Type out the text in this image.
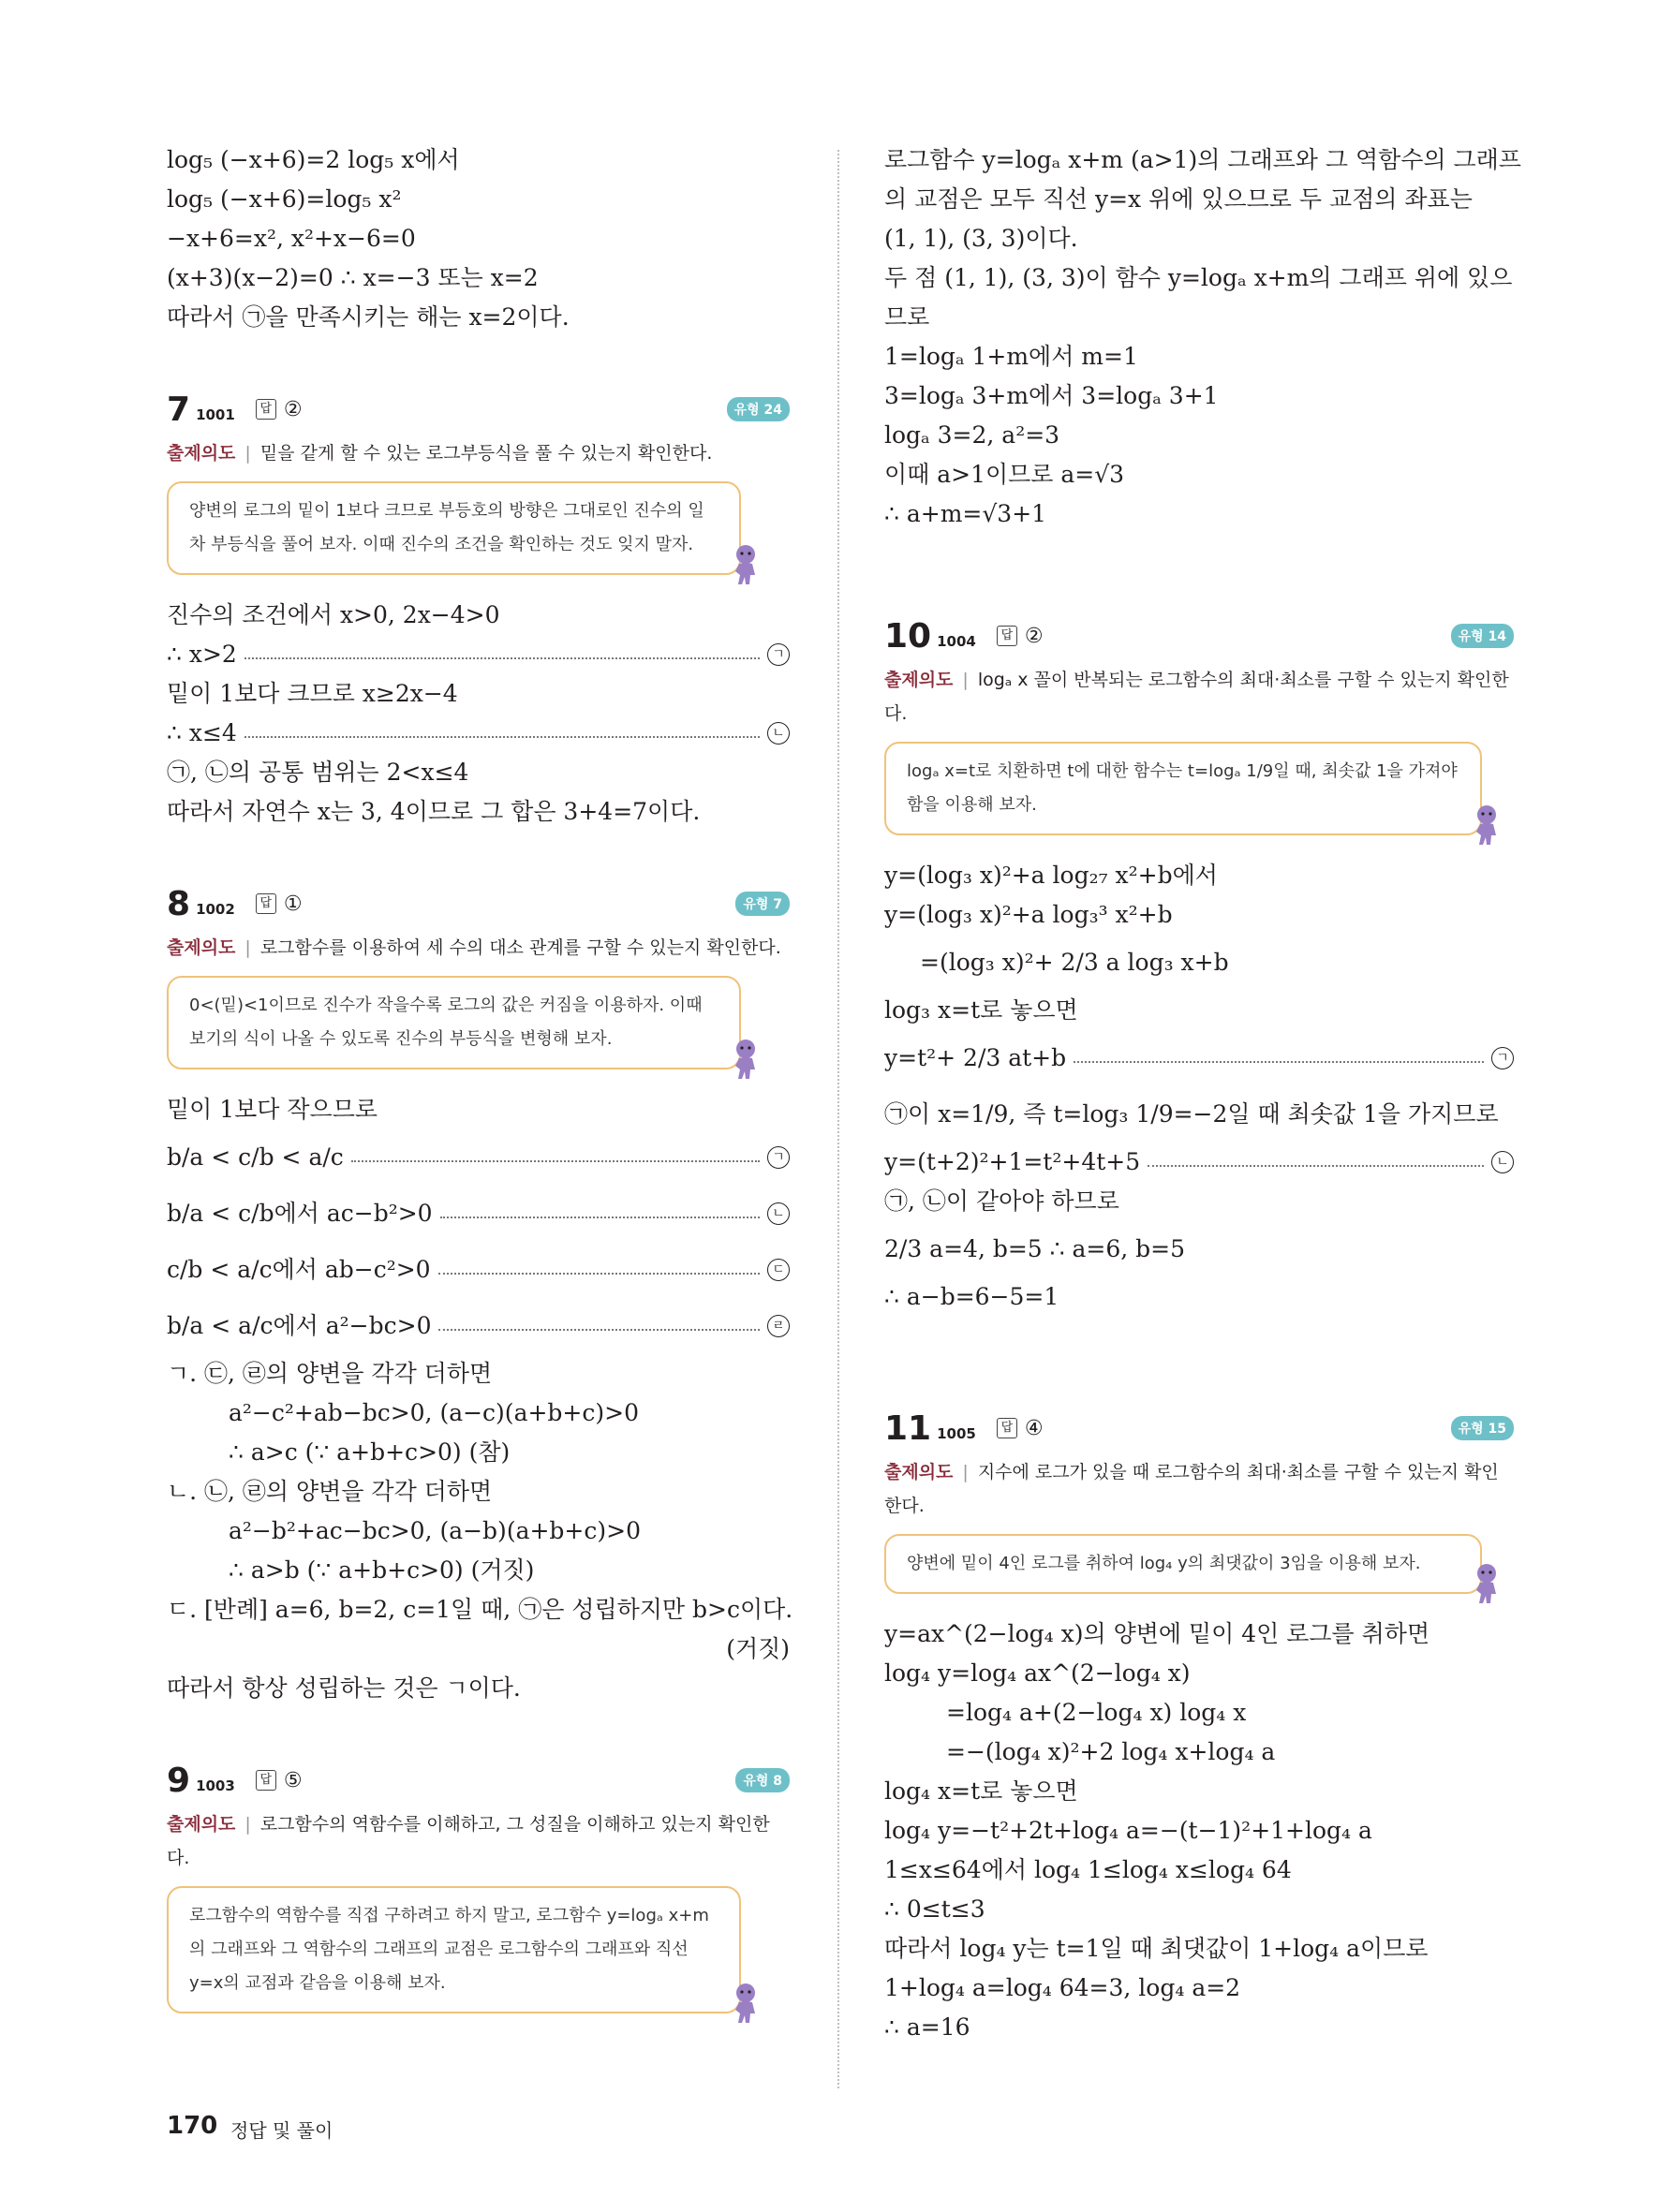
log₅ (−x+6)=2 log₅ x에서
log₅ (−x+6)=log₅ x²
−x+6=x², x²+x−6=0
(x+3)(x−2)=0 ∴ x=−3 또는 x=2
따라서 ㉠을 만족시키는 해는 x=2이다.
7 1001	답 ②	유형 24
출제의도 | 밑을 같게 할 수 있는 로그부등식을 풀 수 있는지 확인한다.
양변의 로그의 밑이 1보다 크므로 부등호의 방향은 그대로인 진수의 일차 부등식을 풀어 보자. 이때 진수의 조건을 확인하는 것도 잊지 말자.
진수의 조건에서 x>0, 2x−4>0
∴ x>2	ㄱ
밑이 1보다 크므로 x≥2x−4
∴ x≤4	ㄴ
㉠, ㉡의 공통 범위는 2<x≤4
따라서 자연수 x는 3, 4이므로 그 합은 3+4=7이다.
8 1002	답 ①	유형 7
출제의도 | 로그함수를 이용하여 세 수의 대소 관계를 구할 수 있는지 확인한다.
0<(밑)<1이므로 진수가 작을수록 로그의 값은 커짐을 이용하자. 이때 보기의 식이 나올 수 있도록 진수의 부등식을 변형해 보자.
밑이 1보다 작으므로
b/a < c/b < a/c	ㄱ
b/a < c/b에서 ac−b²>0	ㄴ
c/b < a/c에서 ab−c²>0	ㄷ
b/a < a/c에서 a²−bc>0	ㄹ
ㄱ. ㉢, ㉣의 양변을 각각 더하면
a²−c²+ab−bc>0, (a−c)(a+b+c)>0
∴ a>c (∵ a+b+c>0) (참)
ㄴ. ㉡, ㉣의 양변을 각각 더하면
a²−b²+ac−bc>0, (a−b)(a+b+c)>0
∴ a>b (∵ a+b+c>0) (거짓)
ㄷ. [반례] a=6, b=2, c=1일 때, ㉠은 성립하지만 b>c이다.
(거짓)
따라서 항상 성립하는 것은 ㄱ이다.
9 1003	답 ⑤	유형 8
출제의도 | 로그함수의 역함수를 이해하고, 그 성질을 이해하고 있는지 확인한다.
로그함수의 역함수를 직접 구하려고 하지 말고, 로그함수 y=logₐ x+m의 그래프와 그 역함수의 그래프의 교점은 로그함수의 그래프와 직선 y=x의 교점과 같음을 이용해 보자.
로그함수 y=logₐ x+m (a>1)의 그래프와 그 역함수의 그래프
의 교점은 모두 직선 y=x 위에 있으므로 두 교점의 좌표는
(1, 1), (3, 3)이다.
두 점 (1, 1), (3, 3)이 함수 y=logₐ x+m의 그래프 위에 있으
므로
1=logₐ 1+m에서 m=1
3=logₐ 3+m에서 3=logₐ 3+1
logₐ 3=2, a²=3
이때 a>1이므로 a=√3
∴ a+m=√3+1
10 1004	답 ②	유형 14
출제의도 | logₐ x 꼴이 반복되는 로그함수의 최대·최소를 구할 수 있는지 확인한다.
logₐ x=t로 치환하면 t에 대한 함수는 t=logₐ 1/9일 때, 최솟값 1을 가져야 함을 이용해 보자.
y=(log₃ x)²+a log₂₇ x²+b에서
y=(log₃ x)²+a log₃³ x²+b
=(log₃ x)²+ 2/3 a log₃ x+b
log₃ x=t로 놓으면
y=t²+ 2/3 at+b	ㄱ
㉠이 x=1/9, 즉 t=log₃ 1/9=−2일 때 최솟값 1을 가지므로
y=(t+2)²+1=t²+4t+5	ㄴ
㉠, ㉡이 같아야 하므로
2/3 a=4, b=5 ∴ a=6, b=5
∴ a−b=6−5=1
11 1005	답 ④	유형 15
출제의도 | 지수에 로그가 있을 때 로그함수의 최대·최소를 구할 수 있는지 확인한다.
양변에 밑이 4인 로그를 취하여 log₄ y의 최댓값이 3임을 이용해 보자.
y=ax^(2−log₄ x)의 양변에 밑이 4인 로그를 취하면
log₄ y=log₄ ax^(2−log₄ x)
=log₄ a+(2−log₄ x) log₄ x
=−(log₄ x)²+2 log₄ x+log₄ a
log₄ x=t로 놓으면
log₄ y=−t²+2t+log₄ a=−(t−1)²+1+log₄ a
1≤x≤64에서 log₄ 1≤log₄ x≤log₄ 64
∴ 0≤t≤3
따라서 log₄ y는 t=1일 때 최댓값이 1+log₄ a이므로
1+log₄ a=log₄ 64=3, log₄ a=2
∴ a=16
170 정답 및 풀이
